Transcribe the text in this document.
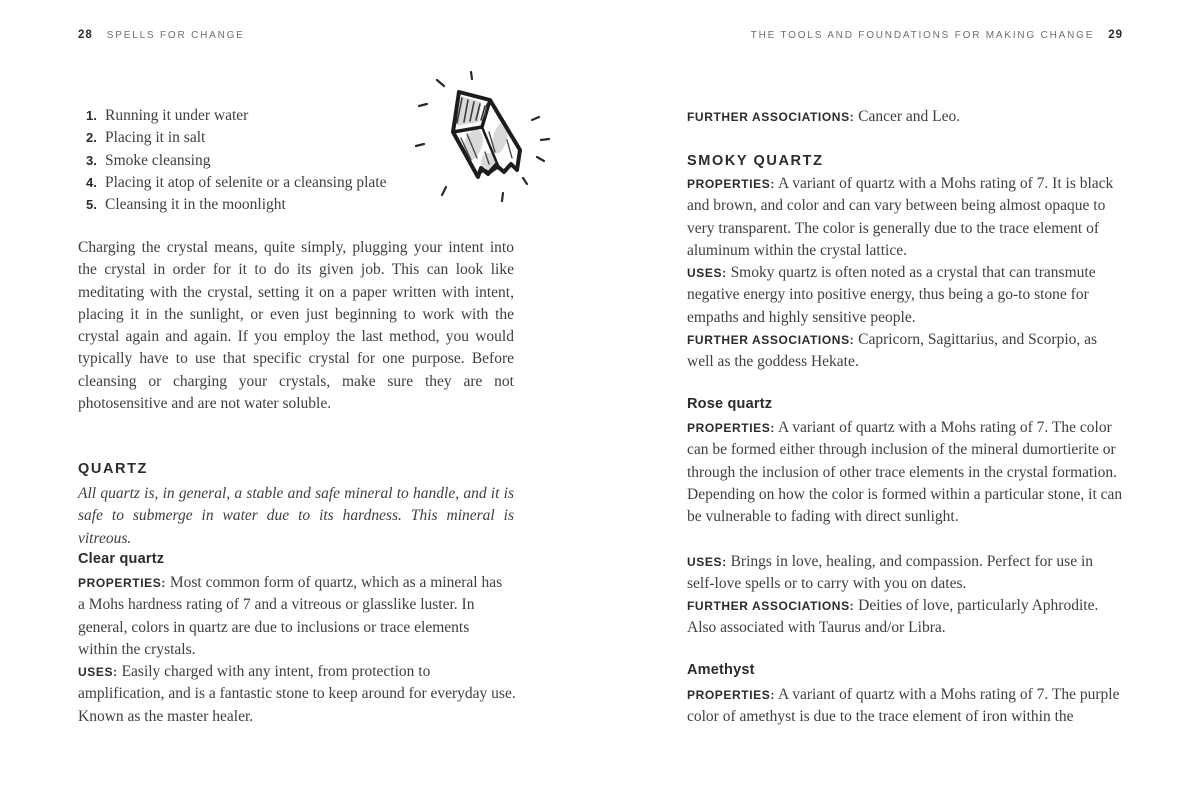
28 SPELLS FOR CHANGE
1. Running it under water
2. Placing it in salt
3. Smoke cleansing
4. Placing it atop of selenite or a cleansing plate
5. Cleansing it in the moonlight

Charging the crystal means, quite simply, plugging your intent into the crystal in order for it to do its given job. This can look like meditating with the crystal, setting it on a paper written with intent, placing it in the sunlight, or even just beginning to work with the crystal again and again. If you employ the last method, you would typically have to use that specific crystal for one purpose. Before cleansing or charging your crystals, make sure they are not photosensitive and are not water soluble.

QUARTZ

All quartz is, in general, a stable and safe mineral to handle, and it is safe to submerge in water due to its hardness. This mineral is vitreous.

Clear quartz

PROPERTIES: Most common form of quartz, which as a mineral has a Mohs hardness rating of 7 and a vitreous or glasslike luster. In general, colors in quartz are due to inclusions or trace elements within the crystals.

USES: Easily charged with any intent, from protection to amplification, and is a fantastic stone to keep around for everyday use. Known as the master healer.

THE TOOLS AND FOUNDATIONS FOR MAKING CHANGE 29

FURTHER ASSOCIATIONS: Cancer and Leo.

SMOKY QUARTZ

PROPERTIES: A variant of quartz with a Mohs rating of 7. It is black and brown, and color and can vary between being almost opaque to very transparent. The color is generally due to the trace element of aluminum within the crystal lattice.

USES: Smoky quartz is often noted as a crystal that can transmute negative energy into positive energy, thus being a go-to stone for empaths and highly sensitive people.

FURTHER ASSOCIATIONS: Capricorn, Sagittarius, and Scorpio, as well as the goddess Hekate.

Rose quartz

PROPERTIES: A variant of quartz with a Mohs rating of 7. The color can be formed either through inclusion of the mineral dumortierite or through the inclusion of other trace elements in the crystal formation. Depending on how the color is formed within a particular stone, it can be vulnerable to fading with direct sunlight.

USES: Brings in love, healing, and compassion. Perfect for use in self-love spells or to carry with you on dates.

FURTHER ASSOCIATIONS: Deities of love, particularly Aphrodite. Also associated with Taurus and/or Libra.

Amethyst

PROPERTIES: A variant of quartz with a Mohs rating of 7. The purple color of amethyst is due to the trace element of iron within the
